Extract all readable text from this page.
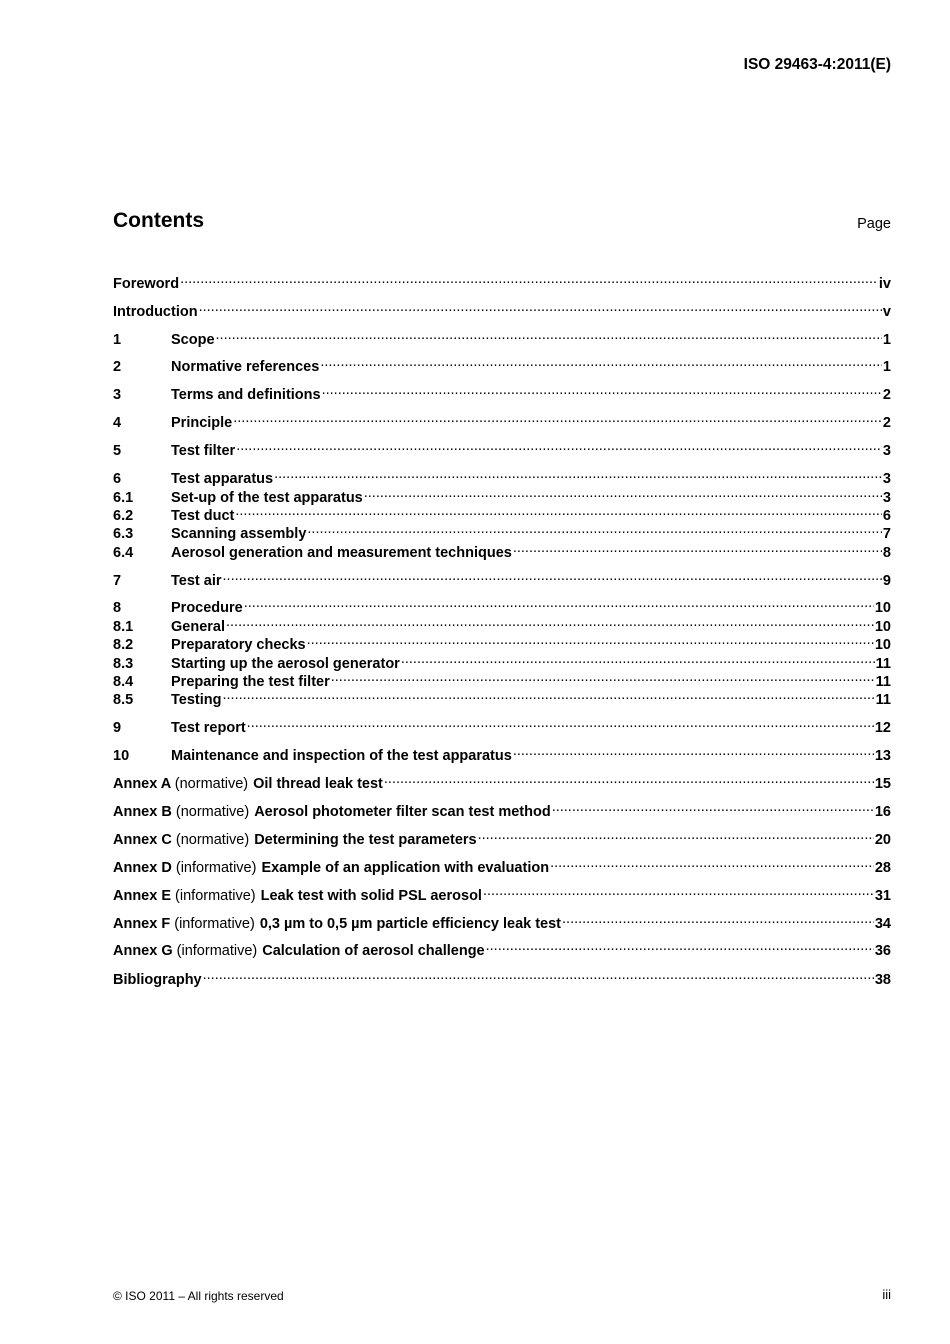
ISO 29463-4:2011(E)
Contents	Page
Foreword .....	iv
Introduction .....	v
1	Scope .....	1
2	Normative references .....	1
3	Terms and definitions .....	2
4	Principle .....	2
5	Test filter .....	3
6	Test apparatus .....	3
6.1	Set-up of the test apparatus .....	3
6.2	Test duct .....	6
6.3	Scanning assembly .....	7
6.4	Aerosol generation and measurement techniques .....	8
7	Test air .....	9
8	Procedure .....	10
8.1	General .....	10
8.2	Preparatory checks .....	10
8.3	Starting up the aerosol generator .....	11
8.4	Preparing the test filter .....	11
8.5	Testing .....	11
9	Test report .....	12
10	Maintenance and inspection of the test apparatus .....	13
Annex A (normative) Oil thread leak test .....	15
Annex B (normative) Aerosol photometer filter scan test method .....	16
Annex C (normative) Determining the test parameters .....	20
Annex D (informative) Example of an application with evaluation .....	28
Annex E (informative) Leak test with solid PSL aerosol .....	31
Annex F (informative) 0,3 µm to 0,5 µm particle efficiency leak test .....	34
Annex G (informative) Calculation of aerosol challenge .....	36
Bibliography .....	38
© ISO 2011 – All rights reserved	iii
